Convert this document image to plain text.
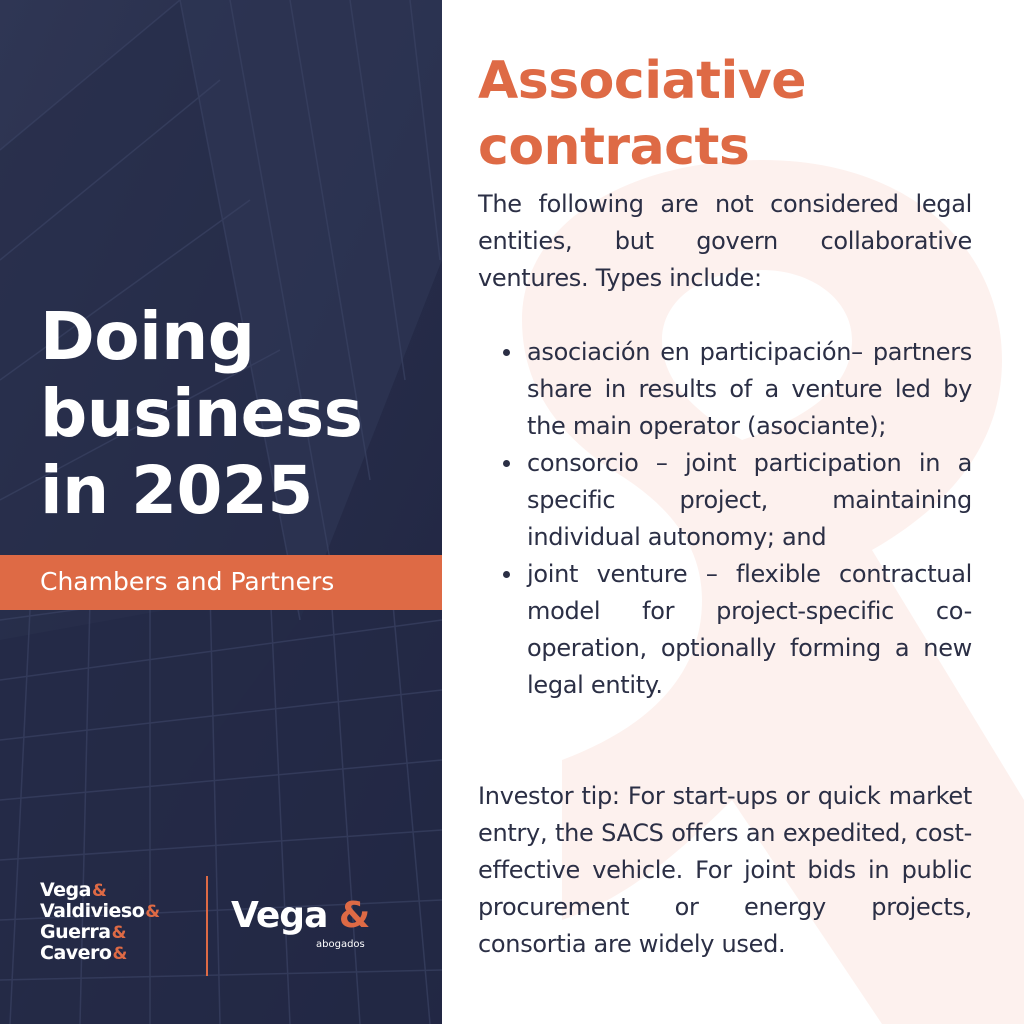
Doing
business
in 2025
Chambers and Partners
Vega&
Valdivieso&
Guerra&
Cavero&
Vega &
abogados
Associative
contracts

The following are not considered legal entities, but govern collaborative ventures. Types include:

asociación en participación– partners share in results of a venture led by the main operator (asociante);
consorcio – joint participation in a specific project, maintaining individual autonomy; and
joint venture – flexible contractual model for project-specific co-operation, optionally forming a new legal entity.

Investor tip: For start-ups or quick market entry, the SACS offers an expedited, cost-effective vehicle. For joint bids in public procurement or energy projects, consortia are widely used.
